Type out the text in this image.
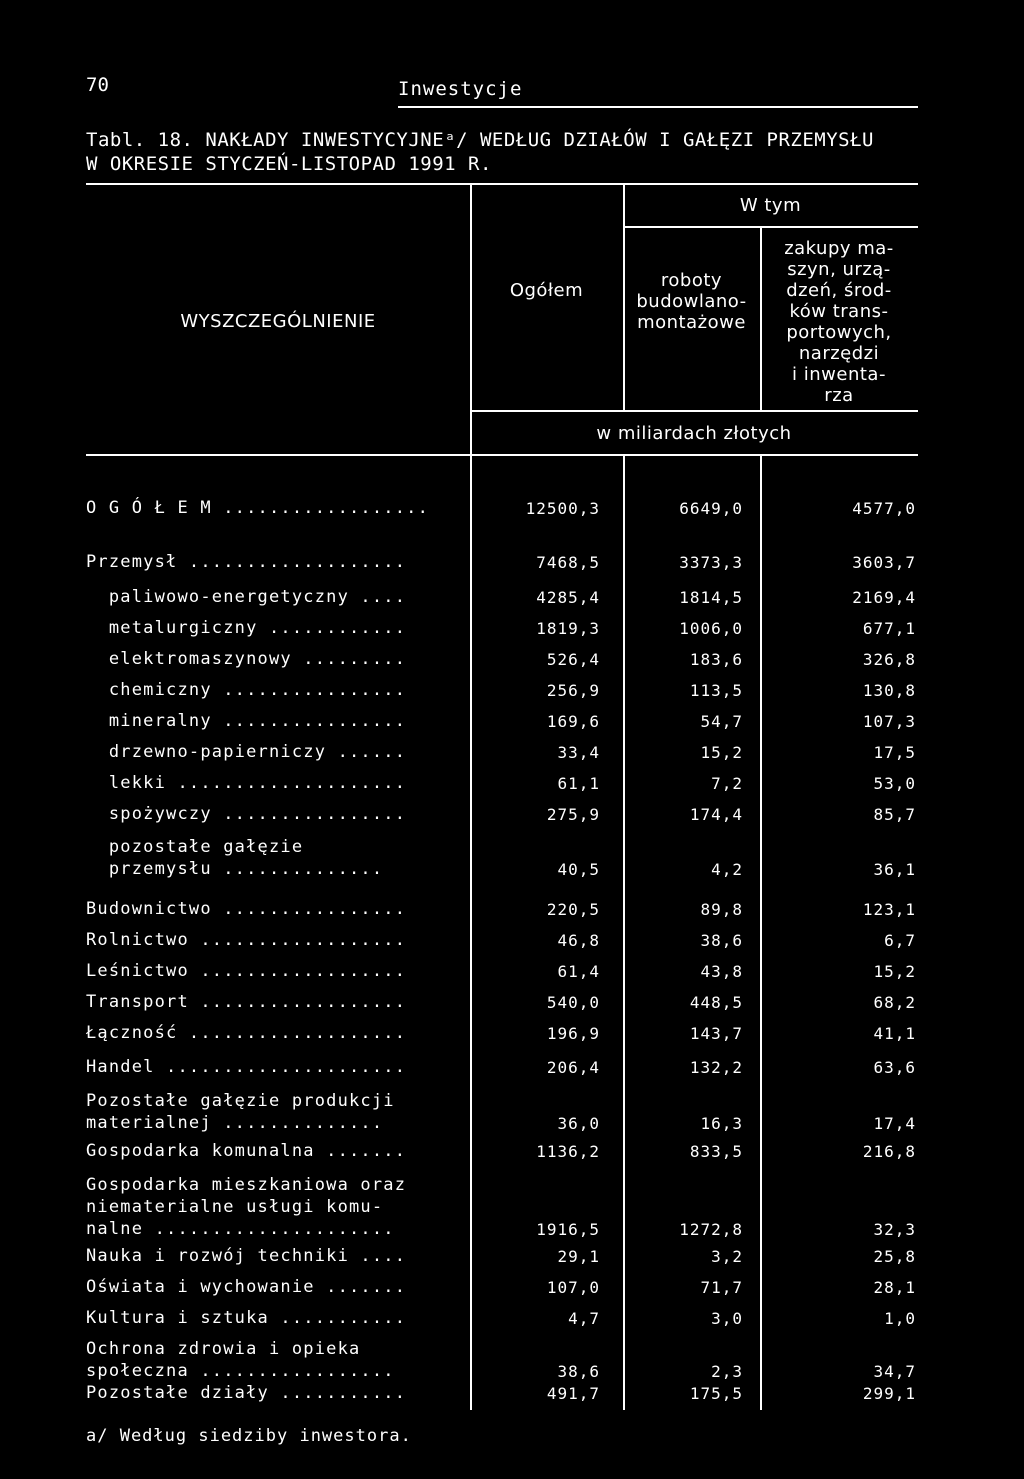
70	Inwestycje
Tabl. 18. NAKŁADY INWESTYCYJNEᵃ/ WEDŁUG DZIAŁÓW I GAŁĘZI PRZEMYSŁU
W OKRESIE STYCZEŃ-LISTOPAD 1991 R.
WYSZCZEGÓLNIENIE
Ogółem
W tym
roboty
budowlano-
montażowe
zakupy ma-
szyn, urzą-
dzeń, środ-
ków trans-
portowych,
narzędzi
i inwenta-
rza
w miliardach złotych
O G Ó Ł E M ..................	12500,3	6649,0	4577,0
Przemysł ...................	7468,5	3373,3	3603,7
paliwowo-energetyczny ....	4285,4	1814,5	2169,4
metalurgiczny ............	1819,3	1006,0	677,1
elektromaszynowy .........	526,4	183,6	326,8
chemiczny ................	256,9	113,5	130,8
mineralny ................	169,6	54,7	107,3
drzewno-papierniczy ......	33,4	15,2	17,5
lekki ....................	61,1	7,2	53,0
spożywczy ................	275,9	174,4	85,7
pozostałe gałęzie
przemysłu ..............	40,5	4,2	36,1
Budownictwo ................	220,5	89,8	123,1
Rolnictwo ..................	46,8	38,6	6,7
Leśnictwo ..................	61,4	43,8	15,2
Transport ..................	540,0	448,5	68,2
Łączność ...................	196,9	143,7	41,1
Handel .....................	206,4	132,2	63,6
Pozostałe gałęzie produkcji
materialnej ..............	36,0	16,3	17,4
Gospodarka komunalna .......	1136,2	833,5	216,8
Gospodarka mieszkaniowa oraz
niematerialne usługi komu-
nalne .....................	1916,5	1272,8	32,3
Nauka i rozwój techniki ....	29,1	3,2	25,8
Oświata i wychowanie .......	107,0	71,7	28,1
Kultura i sztuka ...........	4,7	3,0	1,0
Ochrona zdrowia i opieka
społeczna .................	38,6	2,3	34,7
Pozostałe działy ...........	491,7	175,5	299,1
a/ Według siedziby inwestora.
